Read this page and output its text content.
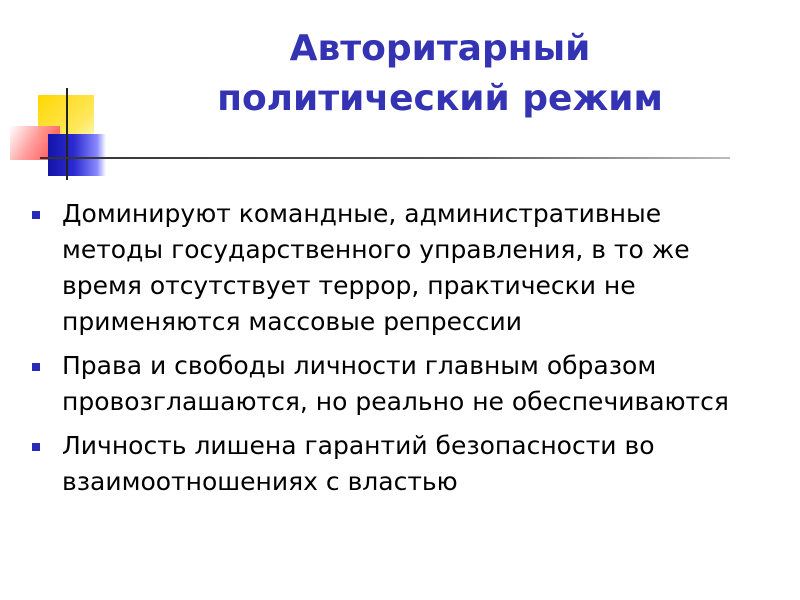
Авторитарный
политический режим
Доминируют командные, административные методы государственного управления, в то же время отсутствует террор, практически не применяются массовые репрессии
Права и свободы личности главным образом провозглашаются, но реально не обеспечиваются
Личность лишена гарантий безопасности во взаимоотношениях с властью
